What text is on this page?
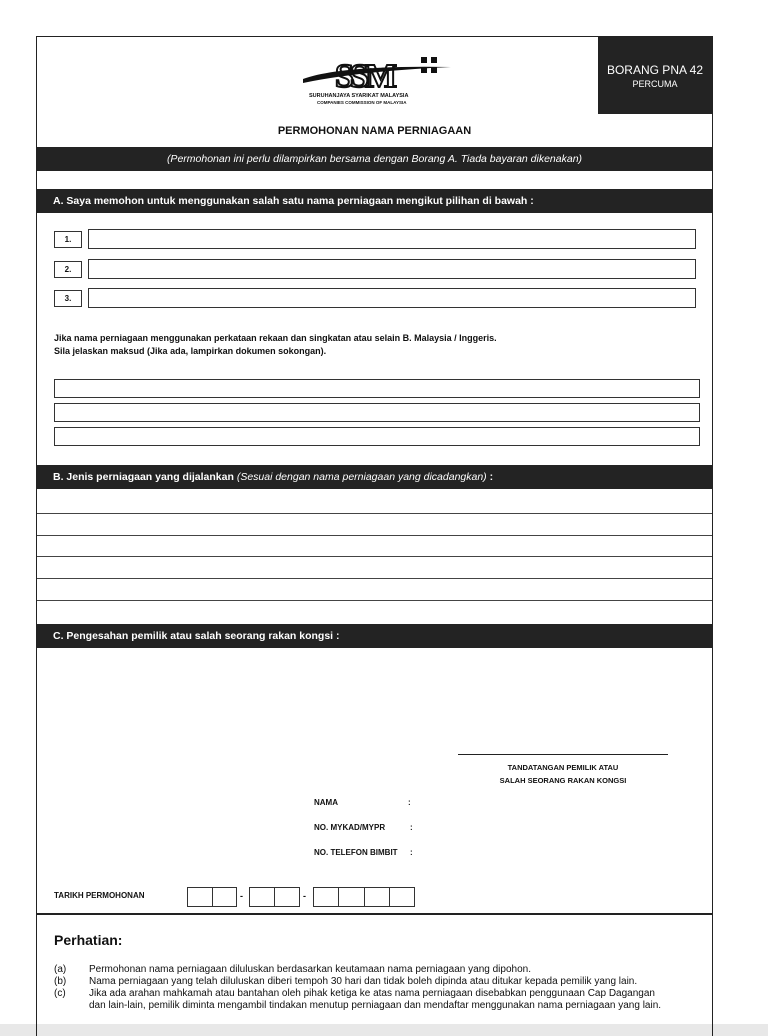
SSM
SURUHANJAYA SYARIKAT MALAYSIA
COMPANIES COMMISSION OF MALAYSIA
BORANG PNA 42
PERCUMA
PERMOHONAN NAMA PERNIAGAAN
(Permohonan ini perlu dilampirkan bersama dengan Borang A. Tiada bayaran dikenakan)
A. Saya memohon untuk menggunakan salah satu nama perniagaan mengikut pilihan di bawah :
1.
2.
3.
Jika nama perniagaan menggunakan perkataan rekaan dan singkatan atau selain B. Malaysia / Inggeris.
Sila jelaskan maksud (Jika ada, lampirkan dokumen sokongan).
B. Jenis perniagaan yang dijalankan
(Sesuai dengan nama perniagaan yang dicadangkan) :
C. Pengesahan pemilik atau salah seorang rakan kongsi :
TANDATANGAN PEMILIK ATAU
SALAH SEORANG RAKAN KONGSI
NAMA	:
NO. MYKAD/MYPR	:
NO. TELEFON BIMBIT :
TARIKH PERMOHONAN	-	-
Perhatian:
(a)	Permohonan nama perniagaan diluluskan berdasarkan keutamaan nama perniagaan yang dipohon.
(b)	Nama perniagaan yang telah diluluskan diberi tempoh 30 hari dan tidak boleh dipinda atau ditukar kepada pemilik yang lain.
(c)	Jika ada arahan mahkamah atau bantahan oleh pihak ketiga ke atas nama perniagaan disebabkan penggunaan Cap Dagangan
dan lain-lain, pemilik diminta mengambil tindakan menutup perniagaan dan mendaftar menggunakan nama perniagaan yang lain.
